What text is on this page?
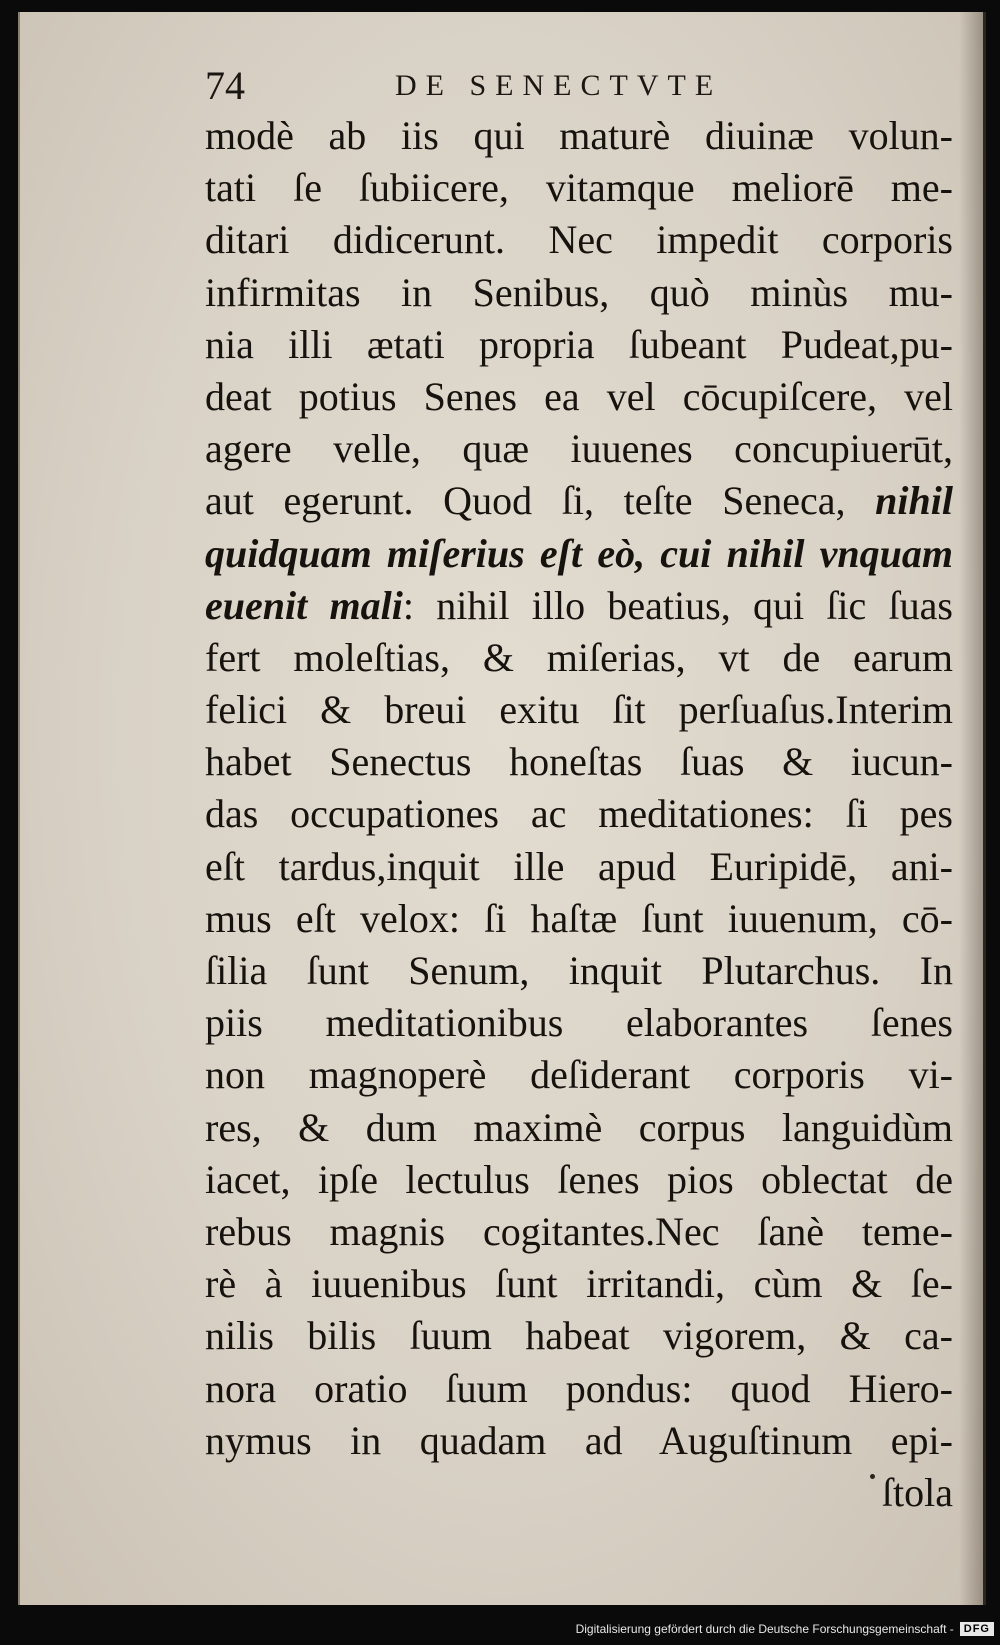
74	DE SENECTVTE
modè ab iis qui maturè diuinæ volun-
tati ſe ſubiicere, vitamque meliorē me-
ditari didicerunt. Nec impedit corporis
infirmitas in Senibus, quò minùs mu-
nia illi ætati propria ſubeant Pudeat,pu-
deat potius Senes ea vel cōcupiſcere, vel
agere velle, quæ iuuenes concupiuerūt,
aut egerunt. Quod ſi, teſte Seneca, nihil
quidquam miſerius eſt eò, cui nihil vnquam
euenit mali: nihil illo beatius, qui ſic ſuas
fert moleſtias, & miſerias, vt de earum
felici & breui exitu ſit perſuaſus.Interim
habet Senectus honeſtas ſuas & iucun-
das occupationes ac meditationes: ſi pes
eſt tardus,inquit ille apud Euripidē, ani-
mus eſt velox: ſi haſtæ ſunt iuuenum, cō-
ſilia ſunt Senum, inquit Plutarchus. In
piis meditationibus elaborantes ſenes
non magnoperè deſiderant corporis vi-
res, & dum maximè corpus languidùm
iacet, ipſe lectulus ſenes pios oblectat de
rebus magnis cogitantes.Nec ſanè teme-
rè à iuuenibus ſunt irritandi, cùm & ſe-
nilis bilis ſuum habeat vigorem, & ca-
nora oratio ſuum pondus: quod Hiero-
nymus in quadam ad Auguſtinum epi-
ſtola
Digitalisierung gefördert durch die Deutsche Forschungsgemeinschaft - DFG
